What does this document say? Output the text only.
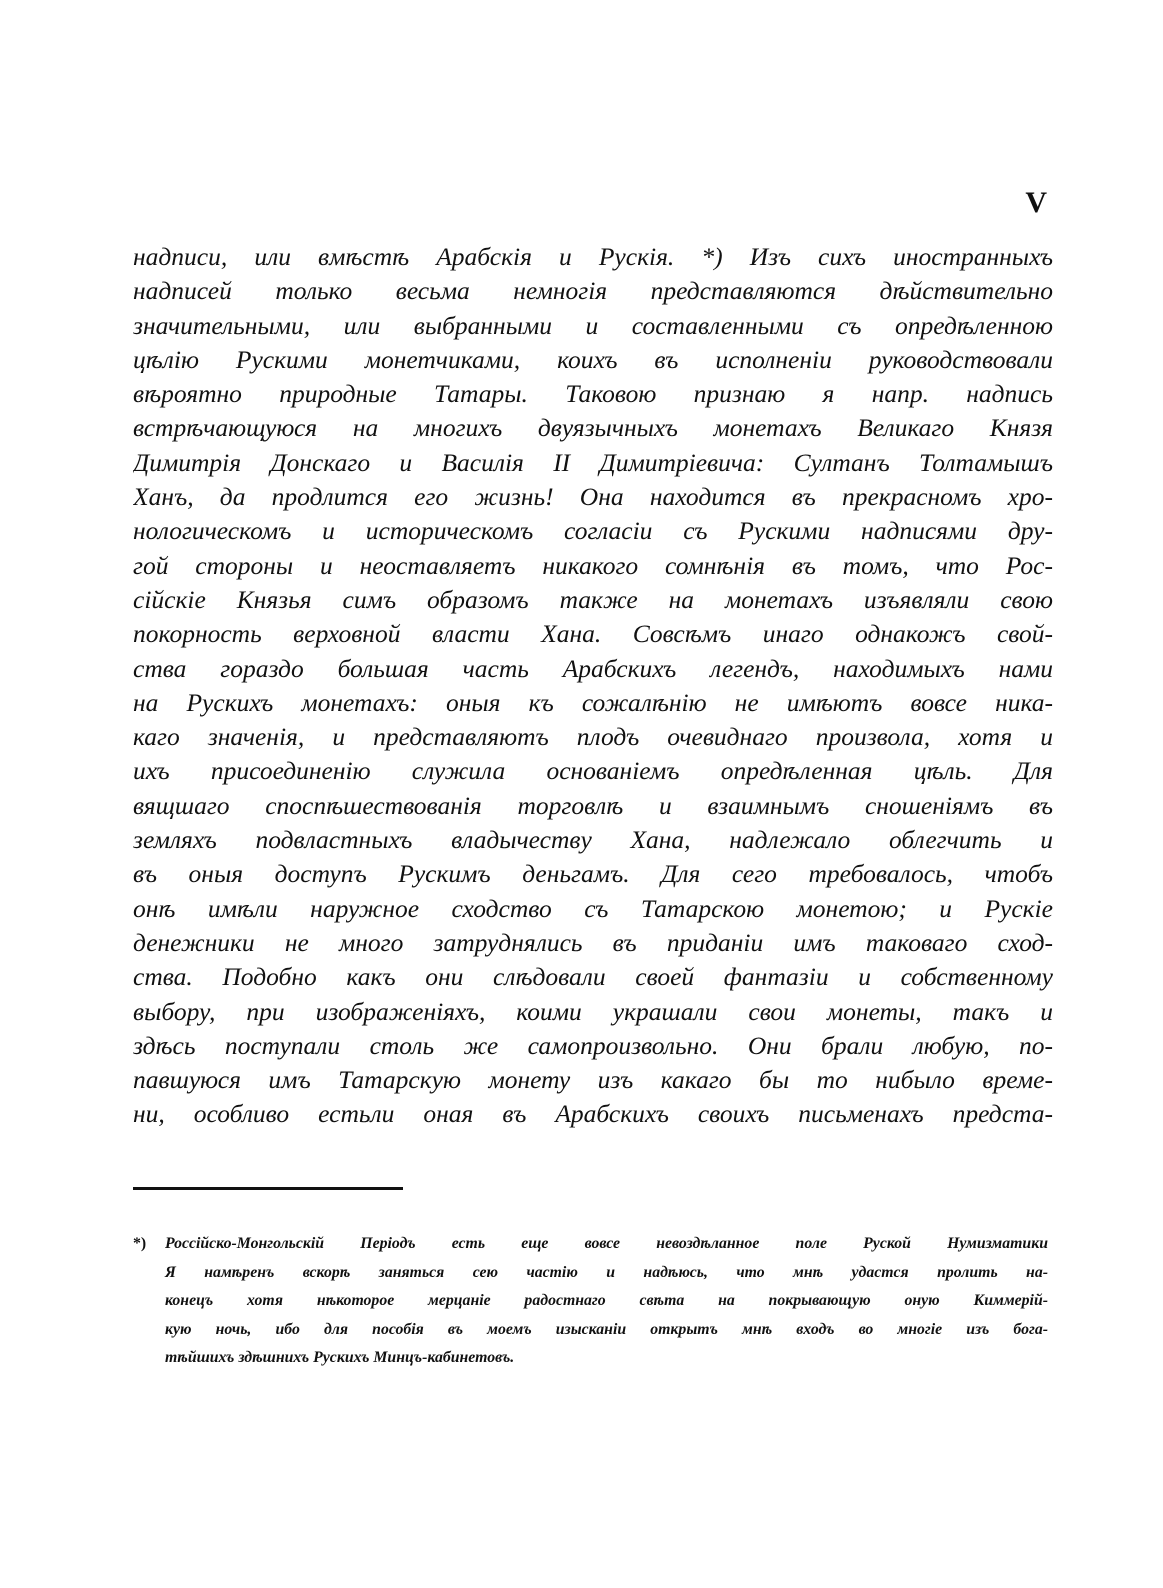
V
надписи, или вмѣстѣ Арабскія и Рускія. *) Изъ сихъ иностранныхъ
надписей только весьма немногія представляются дѣйствительно
значительными, или выбранными и составленными съ опредѣленною
цѣлію Рускими монетчиками, коихъ въ исполненіи руководствовали
вѣроятно природные Татары. Таковою признаю я напр. надпись
встрѣчающуюся на многихъ двуязычныхъ монетахъ Великаго Князя
Димитрія Донскаго и Василія II Димитріевича: Султанъ Толтамышъ
Ханъ, да продлится его жизнь! Она находится въ прекрасномъ хро-
нологическомъ и историческомъ согласіи съ Рускими надписями дру-
гой стороны и неоставляетъ никакого сомнѣнія въ томъ, что Рос-
сійскіе Князья симъ образомъ также на монетахъ изъявляли свою
покорность верховной власти Хана. Совсѣмъ инаго однакожъ свой-
ства гораздо большая часть Арабскихъ легендъ, находимыхъ нами
на Рускихъ монетахъ: оныя къ сожалѣнію не имѣютъ вовсе ника-
каго значенія, и представляютъ плодъ очевиднаго произвола, хотя и
ихъ присоединенію служила основаніемъ опредѣленная цѣль. Для
вящшаго споспѣшествованія торговлѣ и взаимнымъ сношеніямъ въ
земляхъ подвластныхъ владычеству Хана, надлежало облегчить и
въ оныя доступъ Рускимъ деньгамъ. Для сего требовалось, чтобъ
онѣ имѣли наружное сходство съ Татарскою монетою; и Рускіе
денежники не много затруднялись въ приданіи имъ таковаго сход-
ства. Подобно какъ они слѣдовали своей фантазіи и собственному
выбору, при изображеніяхъ, коими украшали свои монеты, такъ и
здѣсь поступали столь же самопроизвольно. Они брали любую, по-
павшуюся имъ Татарскую монету изъ какаго бы то нибыло време-
ни, особливо естьли оная въ Арабскихъ своихъ письменахъ предста-
*)	Россійско-Монгольскій Періодъ есть еще вовсе невоздѣланное поле Руской Нумизматики
Я намѣренъ вскорѣ заняться сею частію и надѣюсь, что мнѣ удастся пролить на-
конецъ хотя нѣкоторое мерцаніе радостнаго свѣта на покрывающую оную Киммерій-
кую ночь, ибо для пособія въ моемъ изысканіи открытъ мнѣ входъ во многіе изъ бога-
тѣйшихъ здѣшнихъ Рускихъ Минцъ-кабинетовъ.
